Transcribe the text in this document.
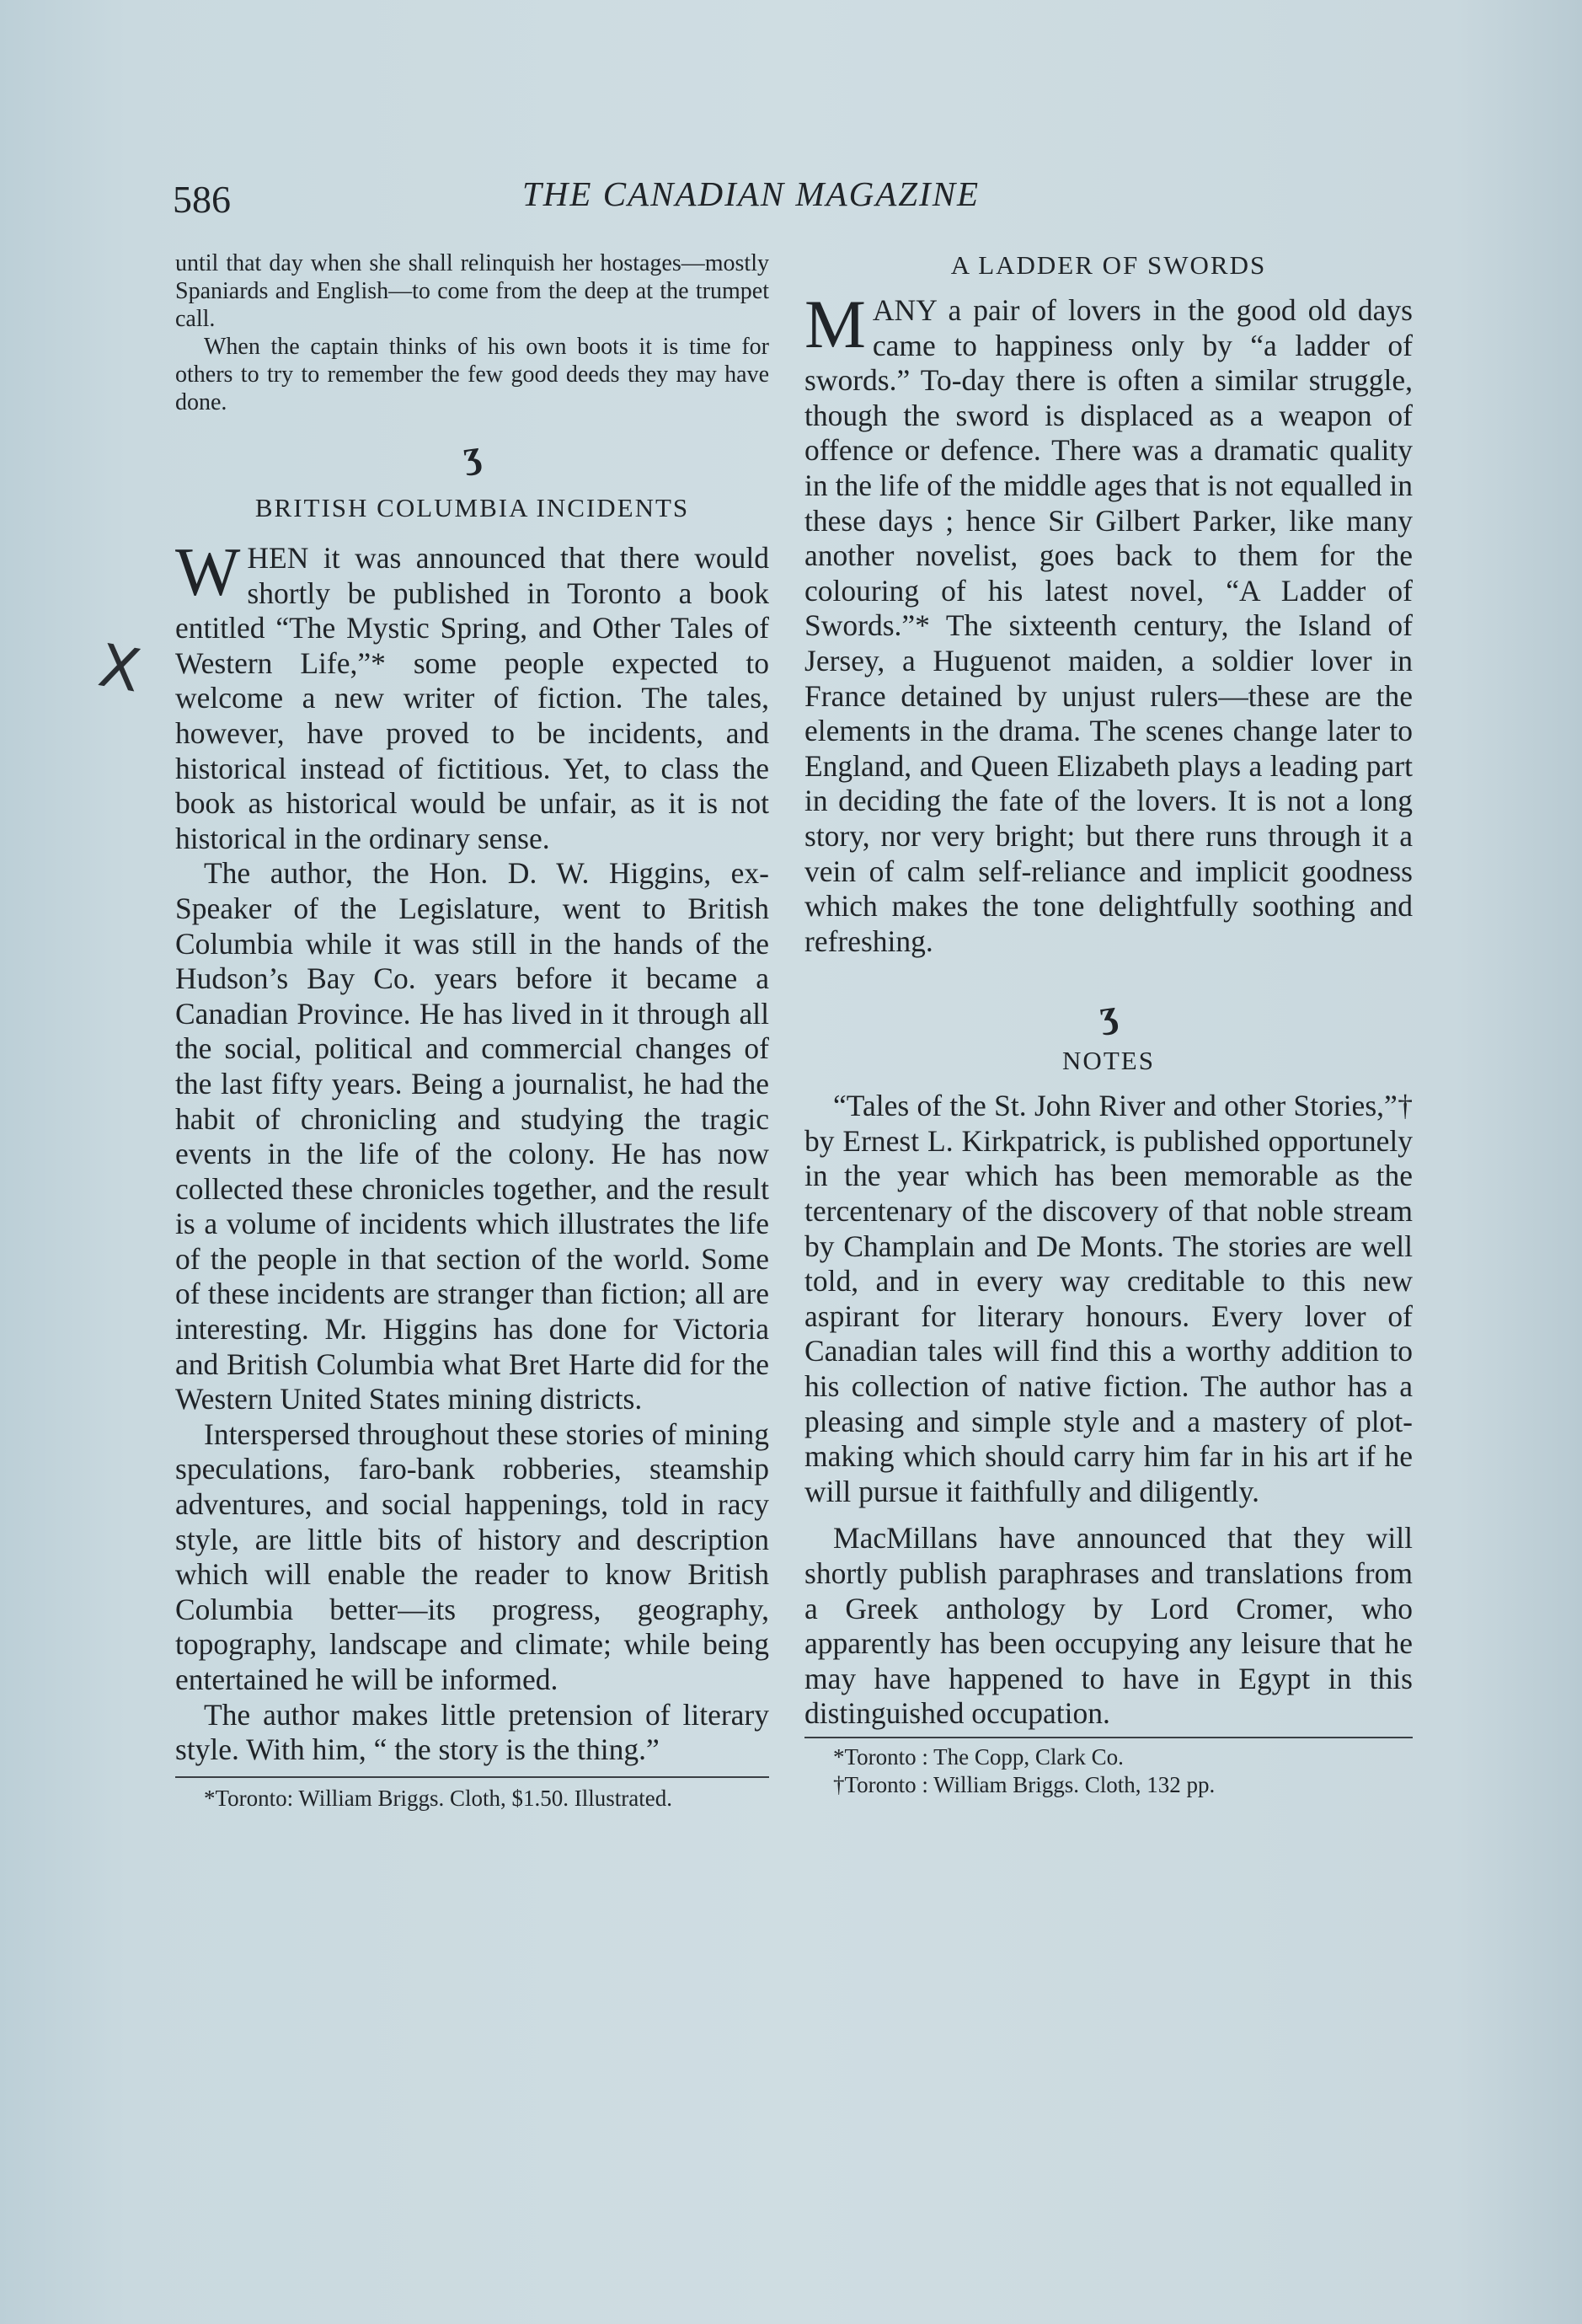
586	THE CANADIAN MAGAZINE

X

until that day when she shall relinquish her hostages—mostly Spaniards and English—to come from the deep at the trumpet call.

When the captain thinks of his own boots it is time for others to try to remember the few good deeds they may have done.

ʒ

BRITISH COLUMBIA INCIDENTS

WHEN it was announced that there would shortly be published in Toronto a book entitled “The Mystic Spring, and Other Tales of Western Life,”* some people expected to welcome a new writer of fiction. The tales, however, have proved to be incidents, and historical instead of fictitious. Yet, to class the book as historical would be unfair, as it is not historical in the ordinary sense.

The author, the Hon. D. W. Higgins, ex-Speaker of the Legislature, went to British Columbia while it was still in the hands of the Hudson’s Bay Co. years before it became a Canadian Province. He has lived in it through all the social, political and commercial changes of the last fifty years. Being a journalist, he had the habit of chronicling and studying the tragic events in the life of the colony. He has now collected these chronicles together, and the result is a volume of incidents which illustrates the life of the people in that section of the world. Some of these incidents are stranger than fiction; all are interesting. Mr. Higgins has done for Victoria and British Columbia what Bret Harte did for the Western United States mining districts.

Interspersed throughout these stories of mining speculations, faro-bank robberies, steamship adventures, and social happenings, told in racy style, are little bits of history and description which will enable the reader to know British Columbia better—its progress, geography, topography, landscape and climate; while being entertained he will be informed.

The author makes little pretension of literary style. With him, “ the story is the thing.”

*Toronto: William Briggs. Cloth, $1.50. Illustrated.

A LADDER OF SWORDS

MANY a pair of lovers in the good old days came to happiness only by “a ladder of swords.” To-day there is often a similar struggle, though the sword is displaced as a weapon of offence or defence. There was a dramatic quality in the life of the middle ages that is not equalled in these days ; hence Sir Gilbert Parker, like many another novelist, goes back to them for the colouring of his latest novel, “A Ladder of Swords.”* The sixteenth century, the Island of Jersey, a Huguenot maiden, a soldier lover in France detained by unjust rulers—these are the elements in the drama. The scenes change later to England, and Queen Elizabeth plays a leading part in deciding the fate of the lovers. It is not a long story, nor very bright; but there runs through it a vein of calm self-reliance and implicit goodness which makes the tone delightfully soothing and refreshing.

ʒ

NOTES

“Tales of the St. John River and other Stories,”† by Ernest L. Kirkpatrick, is published opportunely in the year which has been memorable as the tercentenary of the discovery of that noble stream by Champlain and De Monts. The stories are well told, and in every way creditable to this new aspirant for literary honours. Every lover of Canadian tales will find this a worthy addition to his collection of native fiction. The author has a pleasing and simple style and a mastery of plot-making which should carry him far in his art if he will pursue it faithfully and diligently.

MacMillans have announced that they will shortly publish paraphrases and translations from a Greek anthology by Lord Cromer, who apparently has been occupying any leisure that he may have happened to have in Egypt in this distinguished occupation.

*Toronto : The Copp, Clark Co.

†Toronto : William Briggs. Cloth, 132 pp.
